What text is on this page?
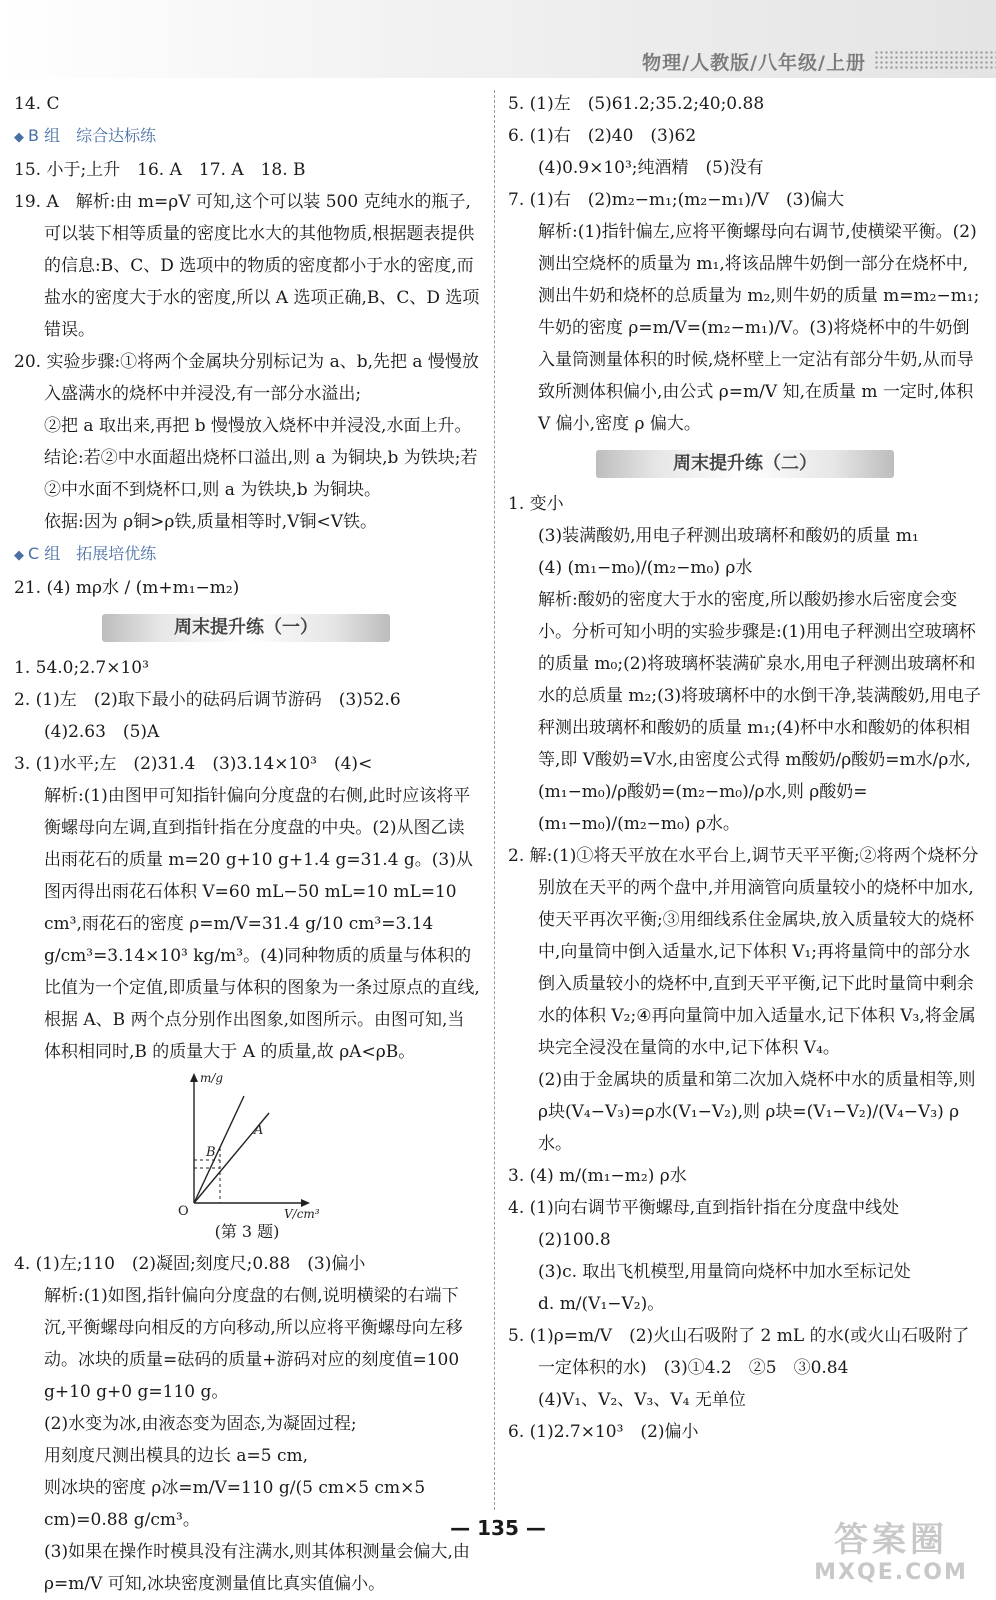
物理/人教版/八年级/上册

14. C

◆ B 组　综合达标练

15. 小于;上升　16. A　17. A　18. B

19. A　解析:由 m=ρV 可知,这个可以装 500 克纯水的瓶子,可以装下相等质量的密度比水大的其他物质,根据题表提供的信息:B、C、D 选项中的物质的密度都小于水的密度,而盐水的密度大于水的密度,所以 A 选项正确,B、C、D 选项错误。

20. 实验步骤:①将两个金属块分别标记为 a、b,先把 a 慢慢放入盛满水的烧杯中并浸没,有一部分水溢出;

②把 a 取出来,再把 b 慢慢放入烧杯中并浸没,水面上升。

结论:若②中水面超出烧杯口溢出,则 a 为铜块,b 为铁块;若②中水面不到烧杯口,则 a 为铁块,b 为铜块。

依据:因为 ρ铜>ρ铁,质量相等时,V铜<V铁。

◆ C 组　拓展培优练

21. (4) mρ水 / (m+m₁−m₂)

周末提升练（一）

1. 54.0;2.7×10³

2. (1)左　(2)取下最小的砝码后调节游码　(3)52.6

(4)2.63　(5)A

3. (1)水平;左　(2)31.4　(3)3.14×10³　(4)<

解析:(1)由图甲可知指针偏向分度盘的右侧,此时应该将平衡螺母向左调,直到指针指在分度盘的中央。(2)从图乙读出雨花石的质量 m=20 g+10 g+1.4 g=31.4 g。(3)从图丙得出雨花石体积 V=60 mL−50 mL=10 mL=10 cm³,雨花石的密度 ρ=m/V=31.4 g/10 cm³=3.14 g/cm³=3.14×10³ kg/m³。(4)同种物质的质量与体积的比值为一个定值,即质量与体积的图象为一条过原点的直线,根据 A、B 两个点分别作出图象,如图所示。由图可知,当体积相同时,B 的质量大于 A 的质量,故 ρA<ρB。

m/g
V/cm³
O
B
A

(第 3 题)

4. (1)左;110　(2)凝固;刻度尺;0.88　(3)偏小

解析:(1)如图,指针偏向分度盘的右侧,说明横梁的右端下沉,平衡螺母向相反的方向移动,所以应将平衡螺母向左移动。冰块的质量=砝码的质量+游码对应的刻度值=100 g+10 g+0 g=110 g。

(2)水变为冰,由液态变为固态,为凝固过程;

用刻度尺测出模具的边长 a=5 cm,

则冰块的密度 ρ冰=m/V=110 g/(5 cm×5 cm×5 cm)=0.88 g/cm³。

(3)如果在操作时模具没有注满水,则其体积测量会偏大,由 ρ=m/V 可知,冰块密度测量值比真实值偏小。

5. (1)左　(5)61.2;35.2;40;0.88

6. (1)右　(2)40　(3)62

(4)0.9×10³;纯酒精　(5)没有

7. (1)右　(2)m₂−m₁;(m₂−m₁)/V　(3)偏大

解析:(1)指针偏左,应将平衡螺母向右调节,使横梁平衡。(2)测出空烧杯的质量为 m₁,将该品牌牛奶倒一部分在烧杯中,测出牛奶和烧杯的总质量为 m₂,则牛奶的质量 m=m₂−m₁;牛奶的密度 ρ=m/V=(m₂−m₁)/V。(3)将烧杯中的牛奶倒入量筒测量体积的时候,烧杯壁上一定沾有部分牛奶,从而导致所测体积偏小,由公式 ρ=m/V 知,在质量 m 一定时,体积 V 偏小,密度 ρ 偏大。

周末提升练（二）

1. 变小

(3)装满酸奶,用电子秤测出玻璃杯和酸奶的质量 m₁

(4) (m₁−m₀)/(m₂−m₀) ρ水

解析:酸奶的密度大于水的密度,所以酸奶掺水后密度会变小。分析可知小明的实验步骤是:(1)用电子秤测出空玻璃杯的质量 m₀;(2)将玻璃杯装满矿泉水,用电子秤测出玻璃杯和水的总质量 m₂;(3)将玻璃杯中的水倒干净,装满酸奶,用电子秤测出玻璃杯和酸奶的质量 m₁;(4)杯中水和酸奶的体积相等,即 V酸奶=V水,由密度公式得 m酸奶/ρ酸奶=m水/ρ水,(m₁−m₀)/ρ酸奶=(m₂−m₀)/ρ水,则 ρ酸奶=(m₁−m₀)/(m₂−m₀) ρ水。

2. 解:(1)①将天平放在水平台上,调节天平平衡;②将两个烧杯分别放在天平的两个盘中,并用滴管向质量较小的烧杯中加水,使天平再次平衡;③用细线系住金属块,放入质量较大的烧杯中,向量筒中倒入适量水,记下体积 V₁;再将量筒中的部分水倒入质量较小的烧杯中,直到天平平衡,记下此时量筒中剩余水的体积 V₂;④再向量筒中加入适量水,记下体积 V₃,将金属块完全浸没在量筒的水中,记下体积 V₄。

(2)由于金属块的质量和第二次加入烧杯中水的质量相等,则 ρ块(V₄−V₃)=ρ水(V₁−V₂),则 ρ块=(V₁−V₂)/(V₄−V₃) ρ水。

3. (4) m/(m₁−m₂) ρ水

4. (1)向右调节平衡螺母,直到指针指在分度盘中线处

(2)100.8

(3)c. 取出飞机模型,用量筒向烧杯中加水至标记处

d. m/(V₁−V₂)。

5. (1)ρ=m/V　(2)火山石吸附了 2 mL 的水(或火山石吸附了一定体积的水)　(3)①4.2　②5　③0.84

(4)V₁、V₂、V₃、V₄ 无单位

6. (1)2.7×10³　(2)偏小

— 135 —	答案圈
MXQE.COM
